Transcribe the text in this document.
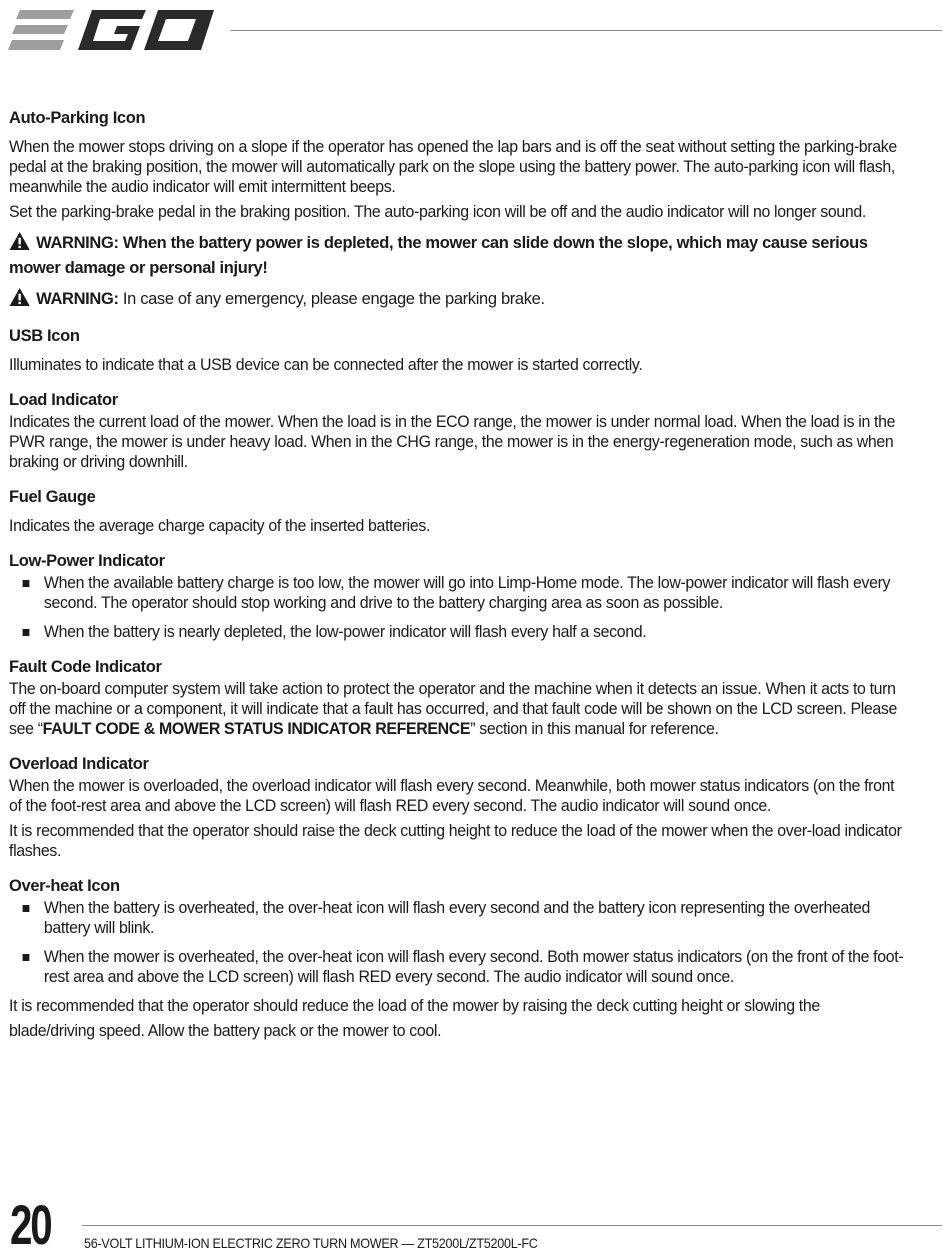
Auto-Parking Icon
When the mower stops driving on a slope if the operator has opened the lap bars and is off the seat without setting the parking-brake pedal at the braking position, the mower will automatically park on the slope using the battery power. The auto-parking icon will flash, meanwhile the audio indicator will emit intermittent beeps.
Set the parking-brake pedal in the braking position. The auto-parking icon will be off and the audio indicator will no longer sound.
WARNING: When the battery power is depleted, the mower can slide down the slope, which may cause serious mower damage or personal injury!
WARNING: In case of any emergency, please engage the parking brake.
USB Icon
Illuminates to indicate that a USB device can be connected after the mower is started correctly.
Load Indicator
Indicates the current load of the mower. When the load is in the ECO range, the mower is under normal load. When the load is in the PWR range, the mower is under heavy load. When in the CHG range, the mower is in the energy-regeneration mode, such as when braking or driving downhill.
Fuel Gauge
Indicates the average charge capacity of the inserted batteries.
Low-Power Indicator
When the available battery charge is too low, the mower will go into Limp-Home mode. The low-power indicator will flash every second. The operator should stop working and drive to the battery charging area as soon as possible.
When the battery is nearly depleted, the low-power indicator will flash every half a second.
Fault Code Indicator
The on-board computer system will take action to protect the operator and the machine when it detects an issue. When it acts to turn off the machine or a component, it will indicate that a fault has occurred, and that fault code will be shown on the LCD screen. Please see “FAULT CODE & MOWER STATUS INDICATOR REFERENCE” section in this manual for reference.
Overload Indicator
When the mower is overloaded, the overload indicator will flash every second. Meanwhile, both mower status indicators (on the front of the foot-rest area and above the LCD screen) will flash RED every second. The audio indicator will sound once.
It is recommended that the operator should raise the deck cutting height to reduce the load of the mower when the over-load indicator flashes.
Over-heat Icon
When the battery is overheated, the over-heat icon will flash every second and the battery icon representing the overheated battery will blink.
When the mower is overheated, the over-heat icon will flash every second. Both mower status indicators (on the front of the foot-rest area and above the LCD screen) will flash RED every second. The audio indicator will sound once.
It is recommended that the operator should reduce the load of the mower by raising the deck cutting height or slowing the blade/driving speed. Allow the battery pack or the mower to cool.
20 56-VOLT LITHIUM-ION ELECTRIC ZERO TURN MOWER — ZT5200L/ZT5200L-FC
